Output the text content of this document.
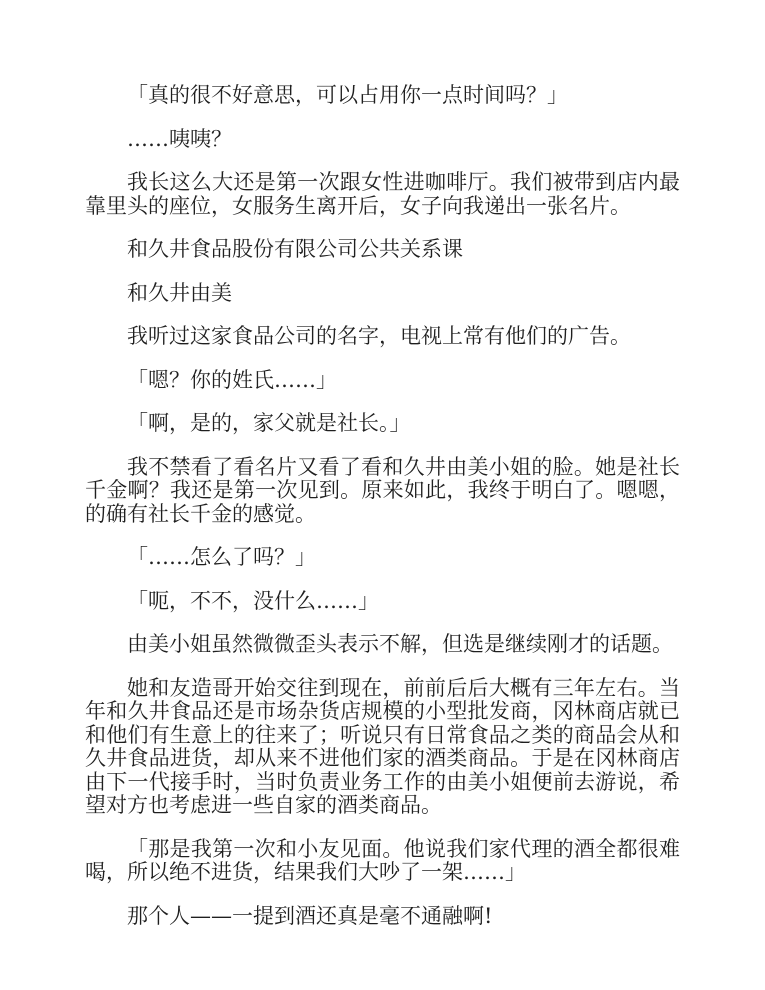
「真的很不好意思，可以占用你一点时间吗？」

……咦咦？

我长这么大还是第一次跟女性进咖啡厅。我们被带到店内最靠里头的座位，女服务生离开后，女子向我递出一张名片。

和久井食品股份有限公司公共关系课

和久井由美

我听过这家食品公司的名字，电视上常有他们的广告。

「嗯？你的姓氏……」

「啊，是的，家父就是社长。」

我不禁看了看名片又看了看和久井由美小姐的脸。她是社长千金啊？我还是第一次见到。原来如此，我终于明白了。嗯嗯，的确有社长千金的感觉。

「……怎么了吗？」

「呃，不不，没什么……」

由美小姐虽然微微歪头表示不解，但选是继续刚才的话题。

她和友造哥开始交往到现在，前前后后大概有三年左右。当年和久井食品还是市场杂货店规模的小型批发商，冈林商店就已和他们有生意上的往来了；听说只有日常食品之类的商品会从和久井食品进货，却从来不进他们家的酒类商品。于是在冈林商店由下一代接手时，当时负责业务工作的由美小姐便前去游说，希望对方也考虑进一些自家的酒类商品。

「那是我第一次和小友见面。他说我们家代理的酒全都很难喝，所以绝不进货，结果我们大吵了一架……」

那个人——一提到酒还真是毫不通融啊!
